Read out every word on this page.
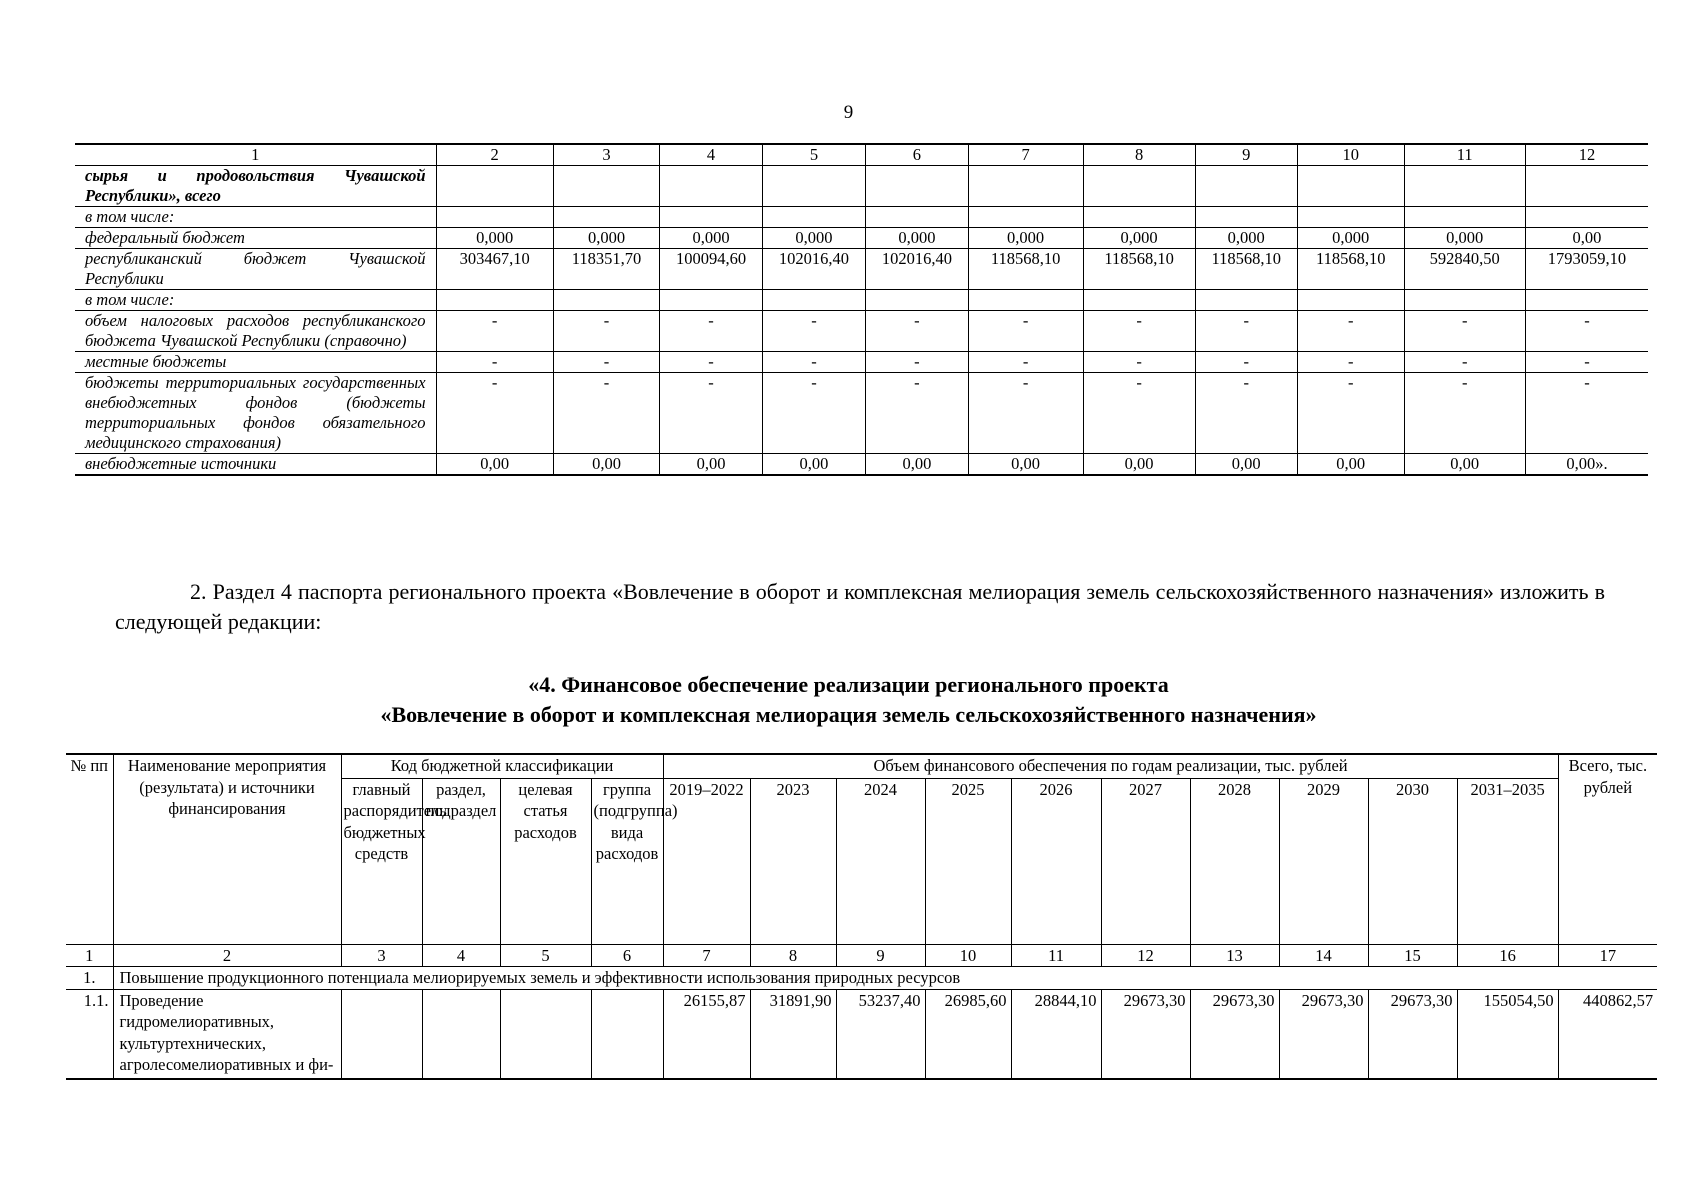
9
1	2	3	4	5	6	7	8	9	10	11	12
сырья и продовольствия Чувашской Республики», всего											
в том числе:											
федеральный бюджет	0,000	0,000	0,000	0,000	0,000	0,000	0,000	0,000	0,000	0,000	0,00
республиканский бюджет Чувашской Республики	303467,10	118351,70	100094,60	102016,40	102016,40	118568,10	118568,10	118568,10	118568,10	592840,50	1793059,10
в том числе:											
объем налоговых расходов республиканского бюджета Чувашской Республики (справочно)	-	-	-	-	-	-	-	-	-	-	-
местные бюджеты	-	-	-	-	-	-	-	-	-	-	-
бюджеты территориальных государственных внебюджетных фондов (бюджеты территориальных фондов обязательного медицинского страхования)	-	-	-	-	-	-	-	-	-	-	-
внебюджетные источники	0,00	0,00	0,00	0,00	0,00	0,00	0,00	0,00	0,00	0,00	0,00».
2. Раздел 4 паспорта регионального проекта «Вовлечение в оборот и комплексная мелиорация земель сельскохозяйственного назначения» изложить в следующей редакции:
«4. Финансовое обеспечение реализации регионального проекта
«Вовлечение в оборот и комплексная мелиорация земель сельскохозяйственного назначения»
№ пп	Наименование мероприятия (результата) и источники финансирования	Код бюджетной классификации				Объем финансового обеспечения по годам реализации, тыс. рублей										Всего, тыс. рублей
		главный распорядитель бюджетных средств	раздел, подраздел	целевая статья расходов	группа (подгруппа) вида расходов	2019–2022	2023	2024	2025	2026	2027	2028	2029	2030	2031–2035	
1	2	3	4	5	6	7	8	9	10	11	12	13	14	15	16	17
1.	Повышение продукционного потенциала мелиорируемых земель и эффективности использования природных ресурсов															
1.1.	Проведение гидромелиоративных, культуртехнических, агролесомелиоративных и фи-					26155,87	31891,90	53237,40	26985,60	28844,10	29673,30	29673,30	29673,30	29673,30	155054,50	440862,57
